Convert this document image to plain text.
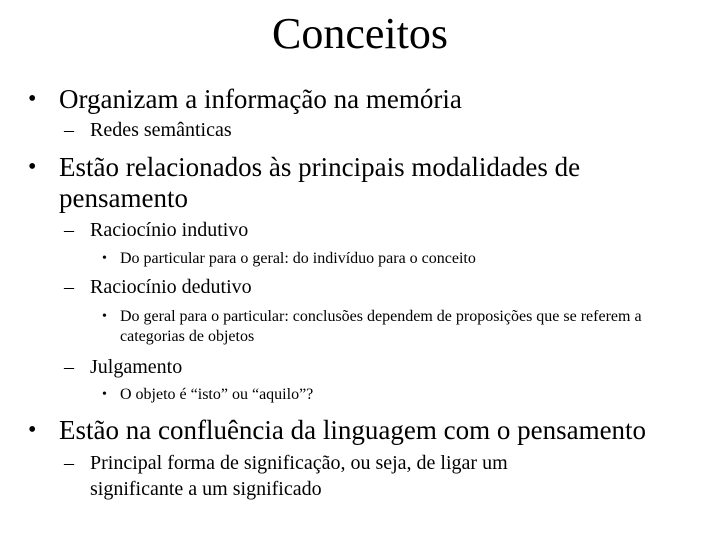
Conceitos
• Organizam a informação na memória
– Redes semânticas
• Estão relacionados às principais modalidades de pensamento
– Raciocínio indutivo
• Do particular para o geral: do indivíduo para o conceito
– Raciocínio dedutivo
• Do geral para o particular: conclusões dependem de proposições que se referem a categorias de objetos
– Julgamento
• O objeto é “isto” ou “aquilo”?
• Estão na confluência da linguagem com o pensamento
– Principal forma de significação, ou seja, de ligar um significante a um significado
